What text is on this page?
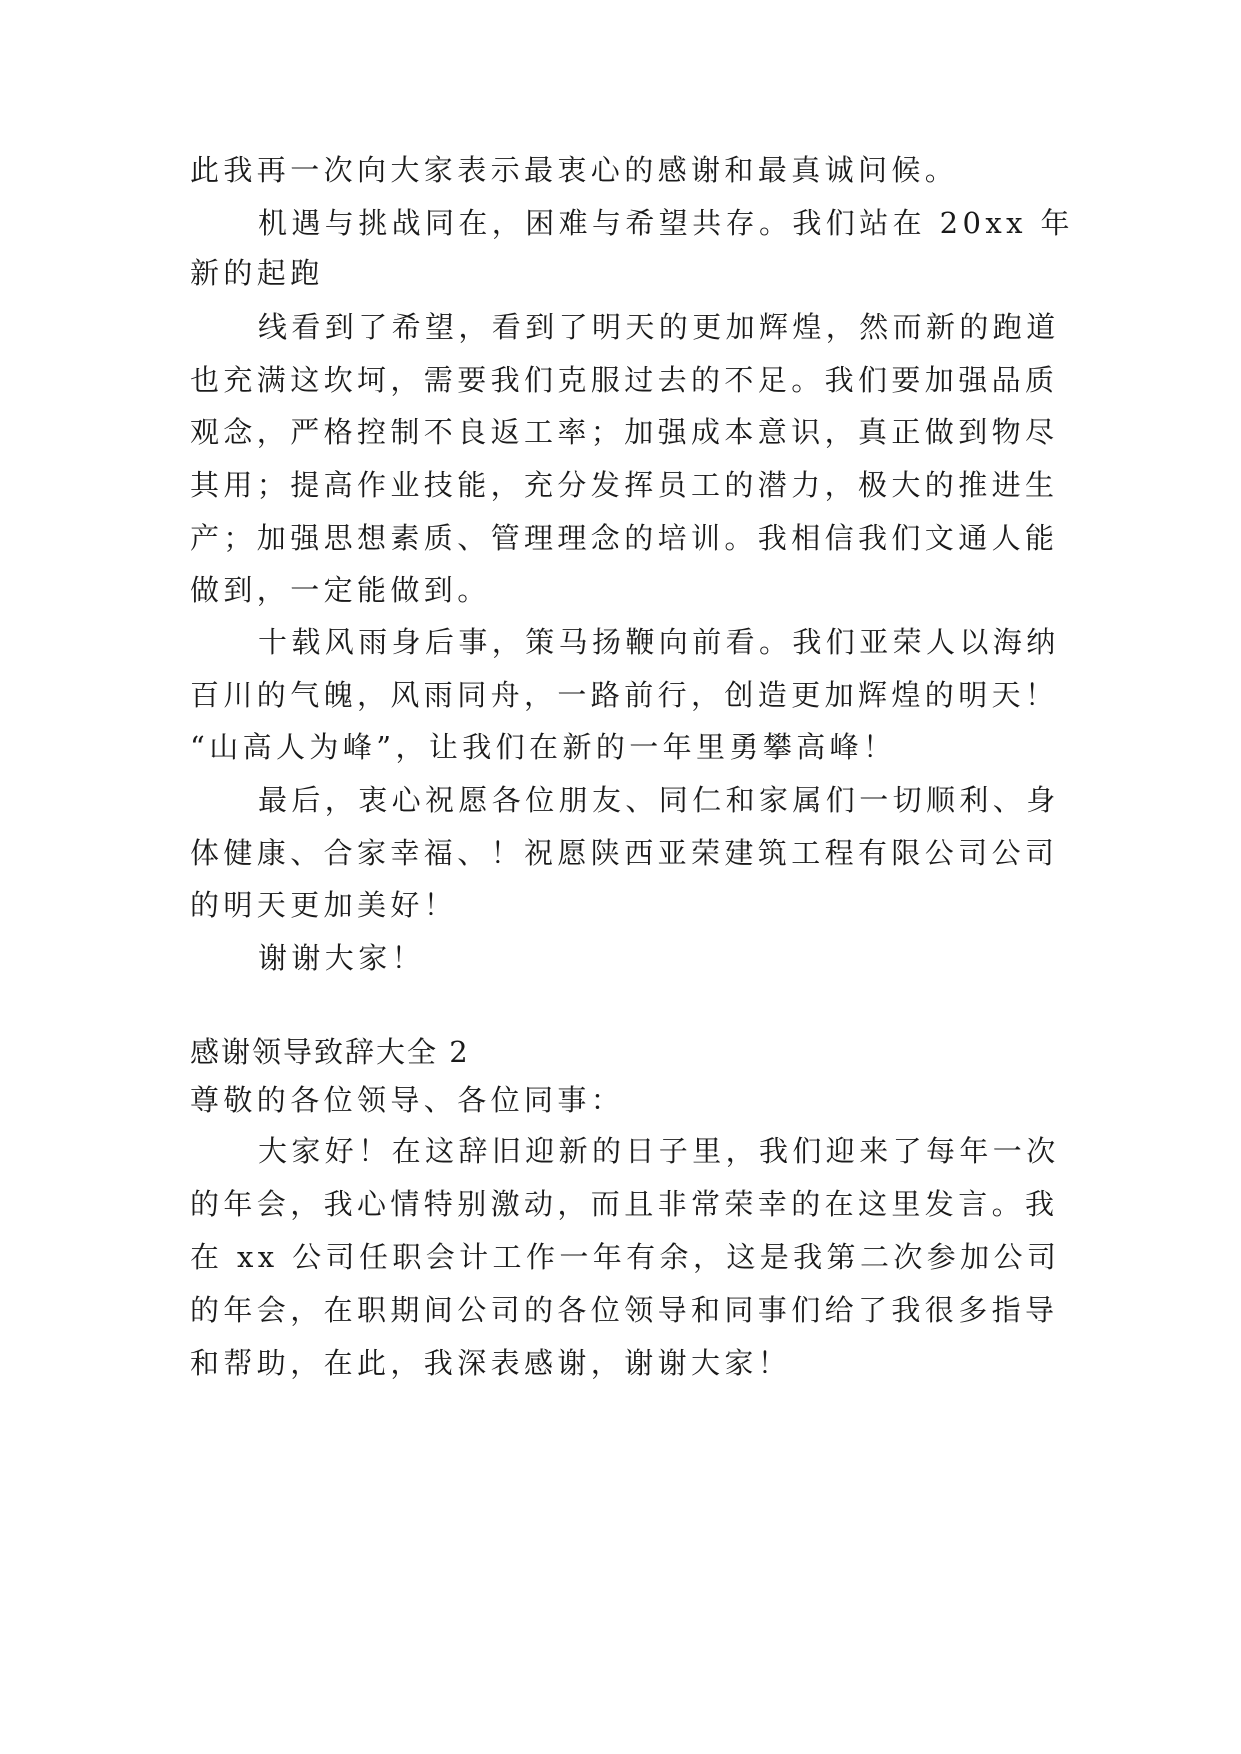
此我再一次向大家表示最衷心的感谢和最真诚问候。
机遇与挑战同在，困难与希望共存。我们站在 20xx 年
新的起跑
线看到了希望，看到了明天的更加辉煌，然而新的跑道
也充满这坎坷，需要我们克服过去的不足。我们要加强品质
观念，严格控制不良返工率；加强成本意识，真正做到物尽
其用；提高作业技能，充分发挥员工的潜力，极大的推进生
产；加强思想素质、管理理念的培训。我相信我们文通人能
做到，一定能做到。
十载风雨身后事，策马扬鞭向前看。我们亚荣人以海纳
百川的气魄，风雨同舟，一路前行，创造更加辉煌的明天！
“山高人为峰”，让我们在新的一年里勇攀高峰！
最后，衷心祝愿各位朋友、同仁和家属们一切顺利、身
体健康、合家幸福、！祝愿陕西亚荣建筑工程有限公司公司
的明天更加美好！
谢谢大家！
感谢领导致辞大全 2
尊敬的各位领导、各位同事：
大家好！在这辞旧迎新的日子里，我们迎来了每年一次
的年会，我心情特别激动，而且非常荣幸的在这里发言。我
在 xx 公司任职会计工作一年有余，这是我第二次参加公司
的年会，在职期间公司的各位领导和同事们给了我很多指导
和帮助，在此，我深表感谢，谢谢大家！
